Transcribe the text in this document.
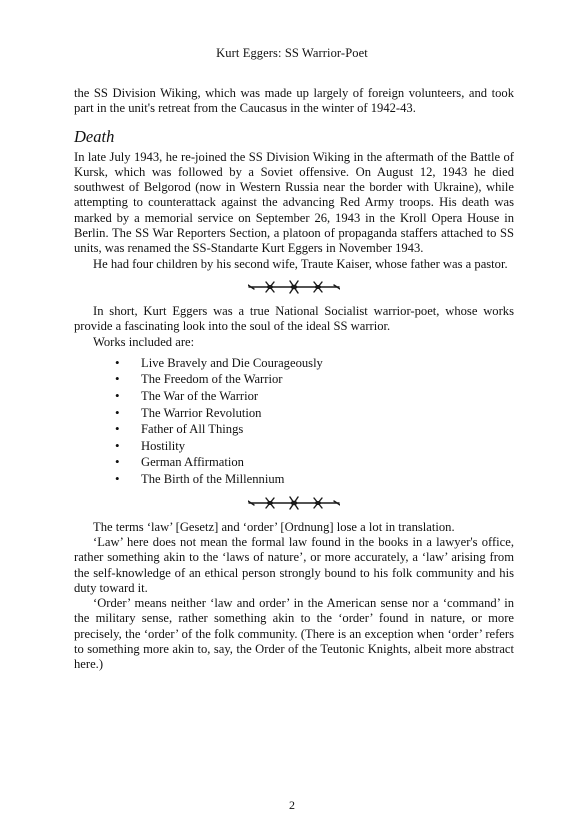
Kurt Eggers: SS Warrior-Poet

the SS Division Wiking, which was made up largely of foreign volunteers, and took part in the unit's retreat from the Caucasus in the winter of 1942-43.

Death

In late July 1943, he re-joined the SS Division Wiking in the aftermath of the Battle of Kursk, which was followed by a Soviet offensive. On August 12, 1943 he died southwest of Belgorod (now in Western Russia near the border with Ukraine), while attempting to counterattack against the advancing Red Army troops. His death was marked by a memorial service on September 26, 1943 in the Kroll Opera House in Berlin. The SS War Reporters Section, a platoon of propaganda staffers attached to SS units, was renamed the SS-Standarte Kurt Eggers in November 1943.

He had four children by his second wife, Traute Kaiser, whose father was a pastor.

In short, Kurt Eggers was a true National Socialist warrior-poet, whose works provide a fascinating look into the soul of the ideal SS warrior.

Works included are:

• Live Bravely and Die Courageously
• The Freedom of the Warrior
• The War of the Warrior
• The Warrior Revolution
• Father of All Things
• Hostility
• German Affirmation
• The Birth of the Millennium

The terms ‘law’ [Gesetz] and ‘order’ [Ordnung] lose a lot in translation.

‘Law’ here does not mean the formal law found in the books in a lawyer's office, rather something akin to the ‘laws of nature’, or more accurately, a ‘law’ arising from the self-knowledge of an ethical person strongly bound to his folk community and his duty toward it.

‘Order’ means neither ‘law and order’ in the American sense nor a ‘command’ in the military sense, rather something akin to the ‘order’ found in nature, or more precisely, the ‘order’ of the folk community. (There is an exception when ‘order’ refers to something more akin to, say, the Order of the Teutonic Knights, albeit more abstract here.)

2
